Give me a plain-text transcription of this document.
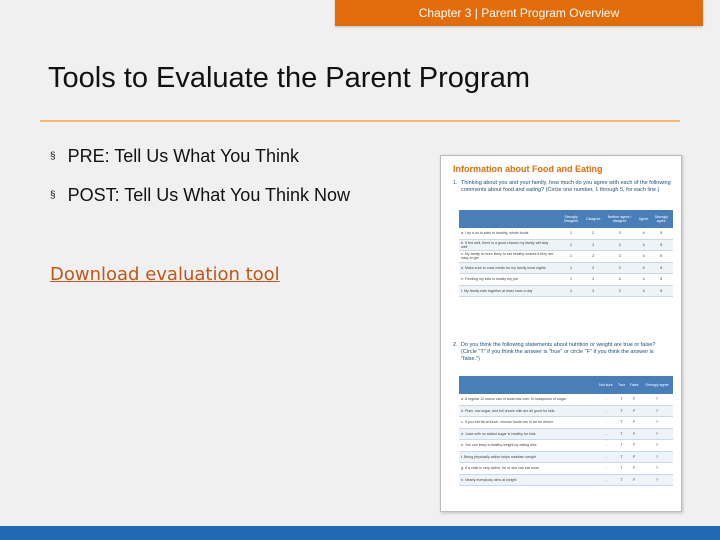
Chapter 3 | Parent Program Overview
Tools to Evaluate the Parent Program
§ PRE: Tell Us What You Think
§ POST: Tell Us What You Think Now
Download evaluation tool
Information about Food and Eating
1. Thinking about you and your family, how much do you agree with each of the following comments about food and eating? (Circle one number, 1 through 5, for each line.)
	Strongly Disagree	Disagree	Neither agree / disagree	Agree	Strongly agree
a. I try a lot to stick to healthy, whole foods	1	2	3	4	5
b. If fed well, there is a good chance my family will stay well	1	2	3	4	5
c. My family is more likely to eat healthy snacks if they are easy to get	1	2	3	4	5
d. Make sure to cook meals for my family most nights	1	2	3	4	5
e. Feeding my kids is mostly my job	1	2	3	4	5
f. My family eats together at least once a day	1	2	3	4	5
2. Do you think the following statements about nutrition or weight are true or false? (Circle "T" if you think the answer is "true" or circle "F" if you think the answer is "false.")
	Not sure	True	False	Strongly agree
a. A regular 12 ounce can of soda has over 10 teaspoons of sugar	-	T	F	?
b. Plain, low sugar, and full cream milk are all good for kids	-	T	F	?
c. If you eat fat at lunch, choose foods low in fat for dinner	-	T	F	?
d. Juice with no added sugar is healthy for kids	-	T	F	?
e. You can keep a healthy weight by eating less	-	T	F	?
f. Being physically active helps maintain weight	-	T	F	?
g. If a child is very active, he or she can eat more	-	T	F	?
h. Nearly everybody wins at weight	-	T	F	?
